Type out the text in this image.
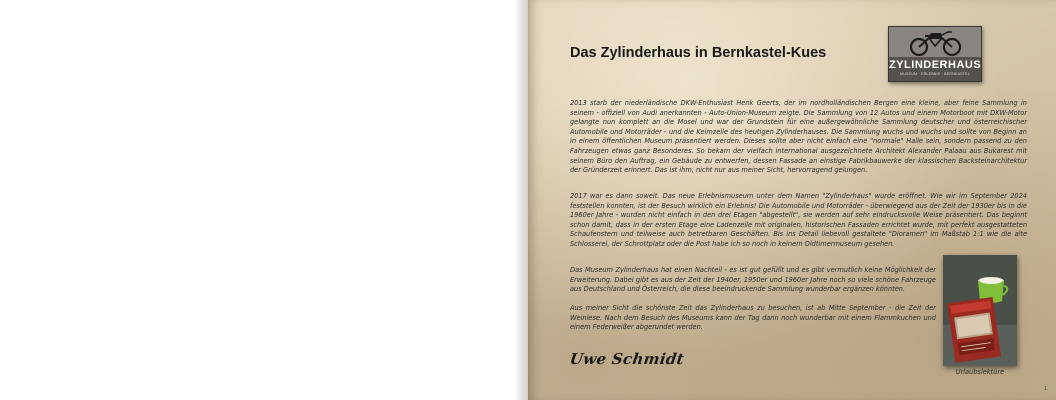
Das Zylinderhaus in Bernkastel-Kues
ZYLINDERHAUS
MUSEUM · ERLEBNIS · BERNKASTEL

2013 starb der niederländische DKW-Enthusiast Henk Geerts, der im nordholländischen Bergen eine kleine, aber feine Sammlung in seinem - offiziell von Audi anerkannten - Auto-Union-Museum zeigte. Die Sammlung von 12 Autos und einem Motorboot mit DKW-Motor gelangte nun komplett an die Mosel und war der Grundstein für eine außergewöhnliche Sammlung deutscher und österreichischer Automobile und Motorräder - und die Keimzelle des heutigen Zylinderhauses. Die Sammlung wuchs und wuchs und sollte von Beginn an in einem öffentlichen Museum präsentiert werden. Dieses sollte aber nicht einfach eine "normale" Halle sein, sondern passend zu den Fahrzeugen etwas ganz Besonderes. So bekam der vielfach international ausgezeichnete Architekt Alexander Palaau aus Bukarest mit seinem Büro den Auftrag, ein Gebäude zu entwerfen, dessen Fassade an einstige Fabrikbauwerke der klassischen Backsteinarchitektur der Gründerzeit erinnert. Das ist ihm, nicht nur aus meiner Sicht, hervorragend gelungen.

2017 war es dann soweit. Das neue Erlebnismuseum unter dem Namen "Zylinderhaus" wurde eröffnet. Wie wir im September 2024 feststellen konnten, ist der Besuch wirklich ein Erlebnis! Die Automobile und Motorräder - überwiegend aus der Zeit der 1930er bis in die 1960er Jahre - wurden nicht einfach in den drei Etagen "abgestellt", sie werden auf sehr eindrucksvolle Weise präsentiert. Das beginnt schon damit, dass in der ersten Etage eine Ladenzeile mit originalen, historischen Fassaden errichtet wurde, mit perfekt ausgestatteten Schaufenstern und teilweise auch betretbaren Geschäften. Bis ins Detail liebevoll gestaltete "Dioramen" im Maßstab 1:1 wie die alte Schlosserei, der Schrottplatz oder die Post habe ich so noch in keinem Oldtimermuseum gesehen.

Das Museum Zylinderhaus hat einen Nachteil - es ist gut gefüllt und es gibt vermutlich keine Möglichkeit der Erweiterung. Dabei gibt es aus der Zeit der 1940er, 1950er und 1960er Jahre noch so viele schöne Fahrzeuge aus Deutschland und Österreich, die diese beeindruckende Sammlung wunderbar ergänzen könnten.

Aus meiner Sicht die schönste Zeit das Zylinderhaus zu besuchen, ist ab Mitte September - die Zeit der Weinlese. Nach dem Besuch des Museums kann der Tag dann noch wunderbar mit einem Flammkuchen und einem Federweißer abgerundet werden.

Urlaubslektüre

Uwe Schmidt

1
